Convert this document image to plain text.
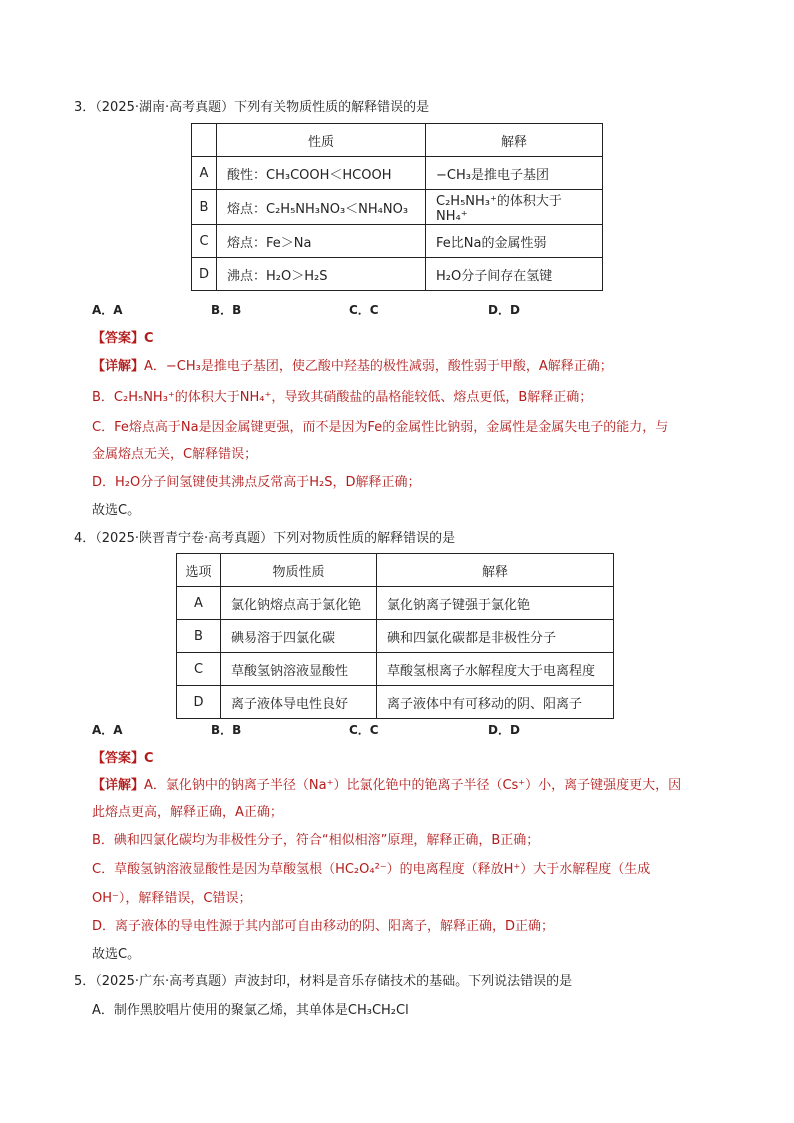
3．（2025·湖南·高考真题）下列有关物质性质的解释错误的是
	性质	解释
A	酸性：CH₃COOH＜HCOOH	−CH₃是推电子基团
B	熔点：C₂H₅NH₃NO₃＜NH₄NO₃	C₂H₅NH₃⁺的体积大于NH₄⁺
C	熔点：Fe＞Na	Fe比Na的金属性弱
D	沸点：H₂O＞H₂S	H₂O分子间存在氢键
A．A	B．B	C．C	D．D
【答案】C
【详解】A．−CH₃是推电子基团，使乙酸中羟基的极性减弱，酸性弱于甲酸，A解释正确；
B．C₂H₅NH₃⁺的体积大于NH₄⁺，导致其硝酸盐的晶格能较低、熔点更低，B解释正确；
C．Fe熔点高于Na是因金属键更强，而不是因为Fe的金属性比钠弱，金属性是金属失电子的能力，与
金属熔点无关，C解释错误；
D．H₂O分子间氢键使其沸点反常高于H₂S，D解释正确；
故选C。
4．（2025·陕晋青宁卷·高考真题）下列对物质性质的解释错误的是
选项	物质性质	解释
A	氯化钠熔点高于氯化铯	氯化钠离子键强于氯化铯
B	碘易溶于四氯化碳	碘和四氯化碳都是非极性分子
C	草酸氢钠溶液显酸性	草酸氢根离子水解程度大于电离程度
D	离子液体导电性良好	离子液体中有可移动的阴、阳离子
A．A	B．B	C．C	D．D
【答案】C
【详解】A．氯化钠中的钠离子半径（Na⁺）比氯化铯中的铯离子半径（Cs⁺）小，离子键强度更大，因
此熔点更高，解释正确，A正确；
B．碘和四氯化碳均为非极性分子，符合“相似相溶”原理，解释正确，B正确；
C．草酸氢钠溶液显酸性是因为草酸氢根（HC₂O₄²⁻）的电离程度（释放H⁺）大于水解程度（生成
OH⁻），解释错误，C错误；
D．离子液体的导电性源于其内部可自由移动的阴、阳离子，解释正确，D正确；
故选C。
5．（2025·广东·高考真题）声波封印，材料是音乐存储技术的基础。下列说法错误的是
A．制作黑胶唱片使用的聚氯乙烯，其单体是CH₃CH₂Cl
